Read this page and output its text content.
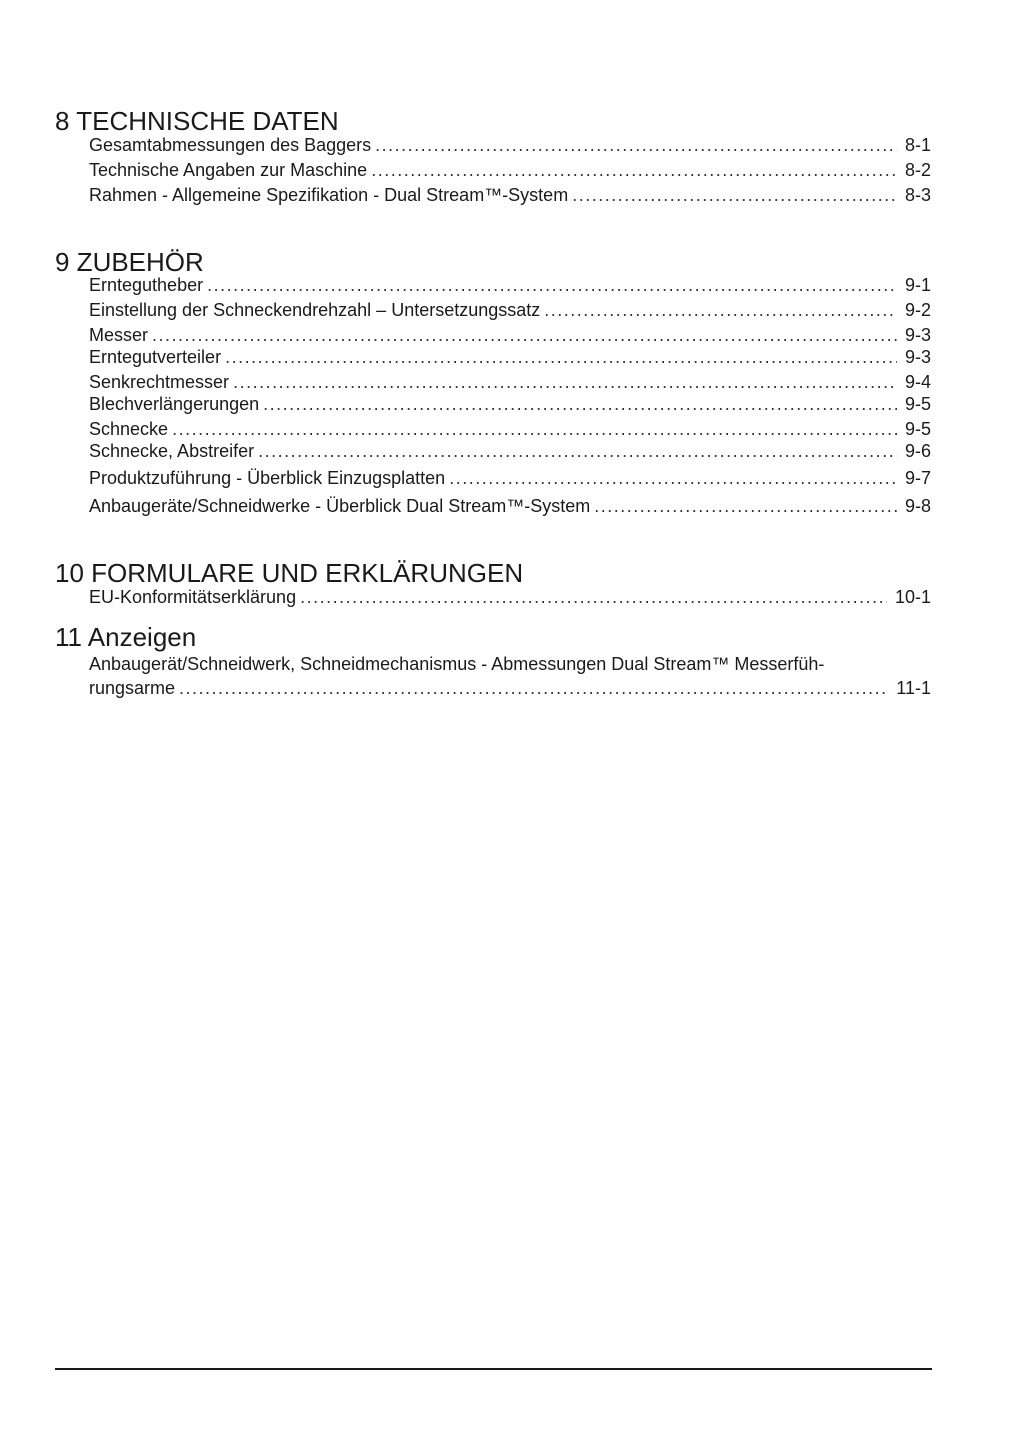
8 TECHNISCHE DATEN
Gesamtabmessungen des Baggers .....	8-1
Technische Angaben zur Maschine .....	8-2
Rahmen - Allgemeine Spezifikation - Dual Stream™-System .....	8-3
9 ZUBEHÖR
Erntegutheber .....	9-1
Einstellung der Schneckendrehzahl – Untersetzungssatz .....	9-2
Messer .....	9-3
Erntegutverteiler .....	9-3
Senkrechtmesser .....	9-4
Blechverlängerungen .....	9-5
Schnecke .....	9-5
Schnecke, Abstreifer .....	9-6
Produktzuführung - Überblick Einzugsplatten .....	9-7
Anbaugeräte/Schneidwerke - Überblick Dual Stream™-System .....	9-8
10 FORMULARE UND ERKLÄRUNGEN
EU-Konformitätserklärung .....	10-1
11 Anzeigen
Anbaugerät/Schneidwerk, Schneidmechanismus - Abmessungen Dual Stream™ Messerfüh-
rungsarme .....	11-1
